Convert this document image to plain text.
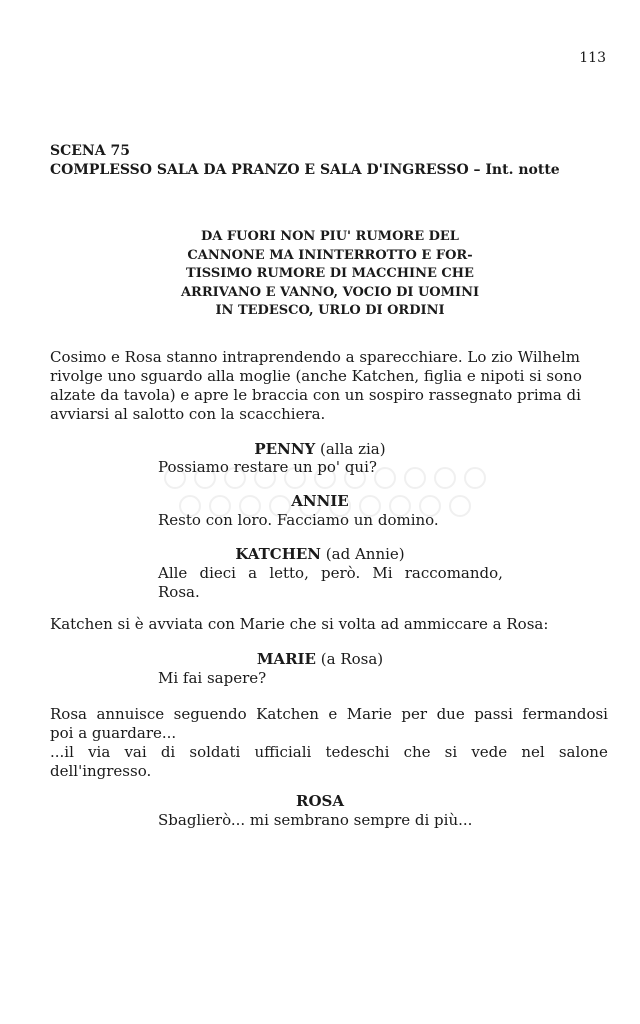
113
SCENA 75
COMPLESSO SALA DA PRANZO E SALA D'INGRESSO – Int. notte
DA FUORI NON PIU' RUMORE DEL
CANNONE MA ININTERROTTO E FOR-
TISSIMO RUMORE DI MACCHINE CHE
ARRIVANO E VANNO, VOCIO DI UOMINI
IN TEDESCO, URLO DI ORDINI
Cosimo e Rosa stanno intraprendendo a sparecchiare. Lo zio Wilhelm
rivolge uno sguardo alla moglie (anche Katchen, figlia e nipoti si sono
alzate da tavola) e apre le braccia con un sospiro rassegnato prima di
avviarsi al salotto con la scacchiera.
PENNY (alla zia)
Possiamo restare un po' qui?
ANNIE
Resto con loro. Facciamo un domino.
KATCHEN (ad Annie)
Alle dieci a letto, però. Mi raccomando,
Rosa.
Katchen si è avviata con Marie che si volta ad ammiccare a Rosa:
MARIE (a Rosa)
Mi fai sapere?
Rosa annuisce seguendo Katchen e Marie per due passi fermandosi
poi a guardare...
...il via vai di soldati ufficiali tedeschi che si vede nel salone
dell'ingresso.
ROSA
Sbaglierò... mi sembrano sempre di più...
